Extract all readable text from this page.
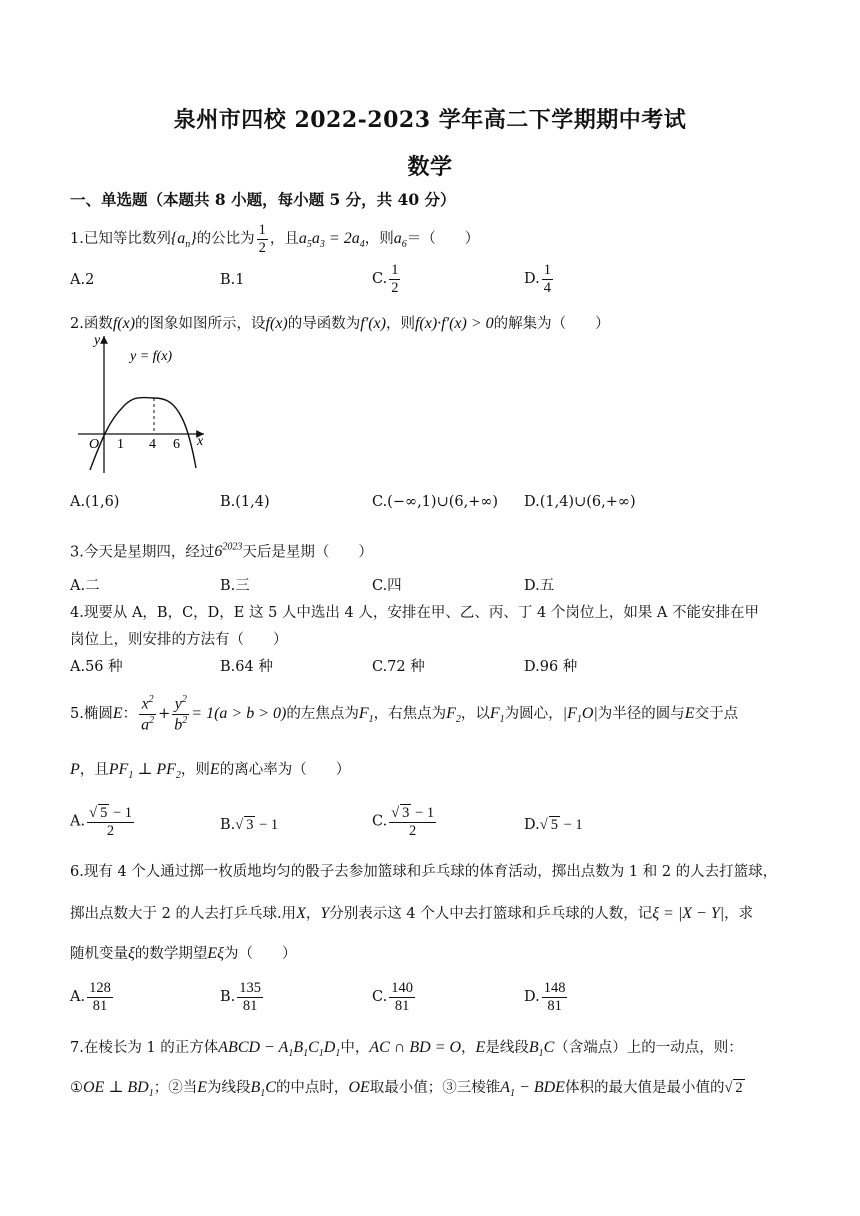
泉州市四校 2022-2023 学年高二下学期期中考试
数学
一、单选题（本题共 8 小题，每小题 5 分，共 40 分）
1.已知等比数列$\{a_n\}$的公比为 $\frac{1}{2}$ ，且$a_5a_3 = 2a_4$，则$a_6=$（　　）
A.2	B.1	C. $\frac{1}{2}$	D. $\frac{1}{4}$
2.函数f(x)的图象如图所示，设f(x)的导函数为f′(x)，则f(x)·f′(x) > 0的解集为（　　）
y
y = f(x)
O 1 4 6 x
A.(1,6)	B.(1,4)	C.(−∞,1)∪(6,+∞) D.(1,4)∪(6,+∞)
3.今天是星期四，经过$6^{2023}$天后是星期（　　）
A.二	B.三	C.四	D.五
4.现要从 A，B，C，D，E 这 5 人中选出 4 人，安排在甲、乙、丙、丁 4 个岗位上，如果 A 不能安排在甲
岗位上，则安排的方法有（　　）
A.56 种	B.64 种	C.72 种	D.96 种
5.椭圆E： $\frac{x^2}{a^2} + \frac{y^2}{b^2} = 1(a > b > 0)$的左焦点为$F_1$，右焦点为$F_2$，以$F_1$为圆心，$|F_1O|$为半径的圆与E交于点
P，且$PF_1$ ⊥ $PF_2$，则E的离心率为（　　）
A. $\frac{√ 5 - 1}{2}$	B.√ 3 − 1	C. $\frac{√ 3 - 1}{2}$	D.√ 5 − 1
6.现有 4 个人通过掷一枚质地均匀的骰子去参加篮球和乒乓球的体育活动，掷出点数为 1 和 2 的人去打篮球，
掷出点数大于 2 的人去打乒乓球.用X，Y分别表示这 4 个人中去打篮球和乒乓球的人数，记ξ = |X − Y|，求
随机变量ξ的数学期望Eξ为（　　）
A. $\frac{128}{81}$	B. $\frac{135}{81}$	C. $\frac{140}{81}$	D. $\frac{148}{81}$
7.在棱长为 1 的正方体ABCD − $A_1B_1C_1D_1$中，AC ∩ BD = O，E是线段$B_1C$（含端点）上的一动点，则：
①OE ⊥ $BD_1$；②当E为线段$B_1C$的中点时，OE取最小值；③三棱锥$A_1$ − BDE体积的最大值是最小值的√ 2
